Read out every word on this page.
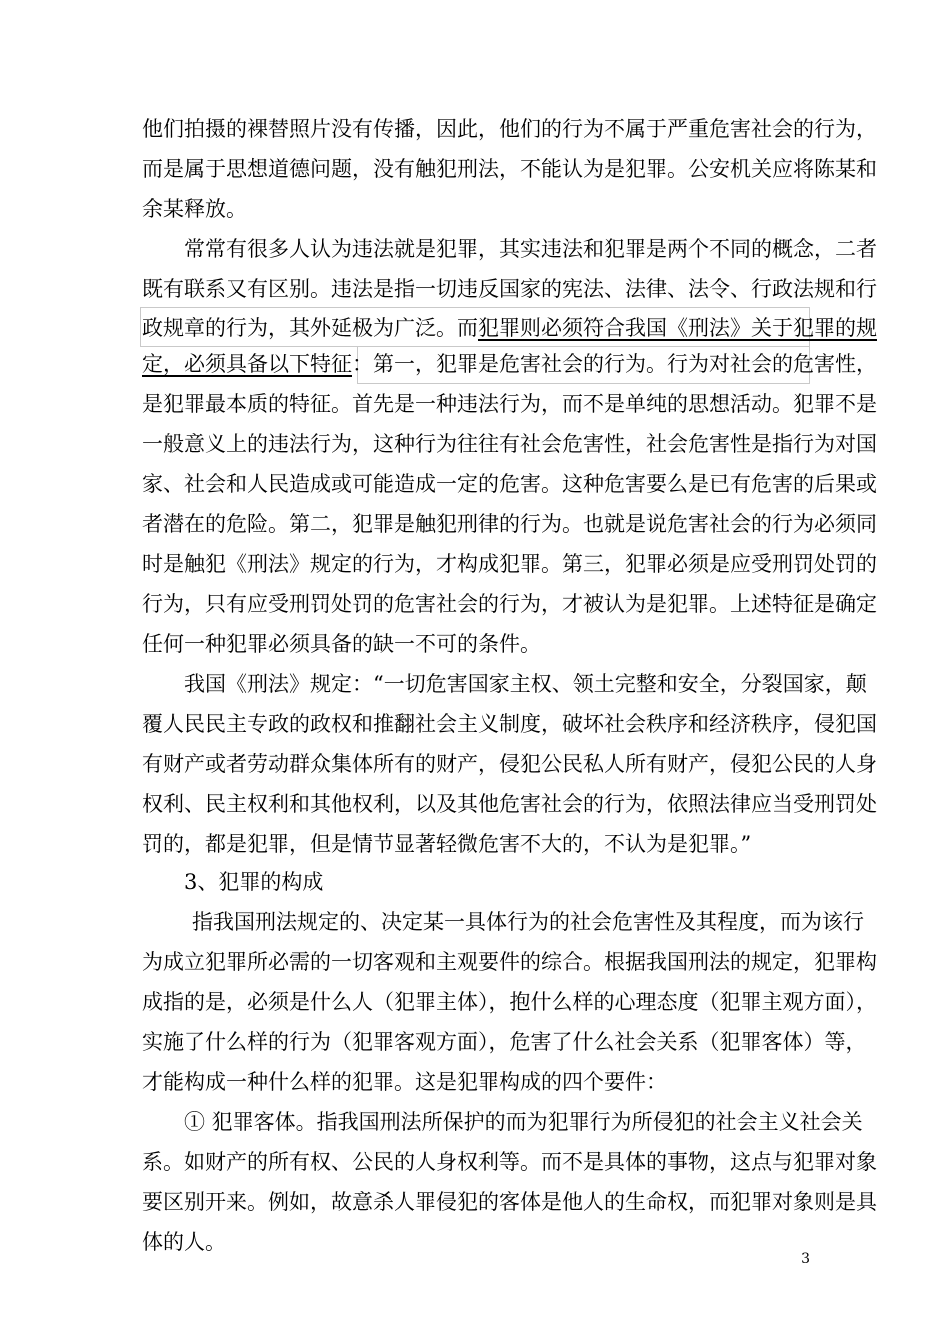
他们拍摄的裸替照片没有传播，因此，他们的行为不属于严重危害社会的行为，
而是属于思想道德问题，没有触犯刑法，不能认为是犯罪。公安机关应将陈某和
余某释放。
常常有很多人认为违法就是犯罪，其实违法和犯罪是两个不同的概念，二者
既有联系又有区别。违法是指一切违反国家的宪法、法律、法令、行政法规和行
政规章的行为，其外延极为广泛。而犯罪则必须符合我国《刑法》关于犯罪的规
定，必须具备以下特征：第一，犯罪是危害社会的行为。行为对社会的危害性，
是犯罪最本质的特征。首先是一种违法行为，而不是单纯的思想活动。犯罪不是
一般意义上的违法行为，这种行为往往有社会危害性，社会危害性是指行为对国
家、社会和人民造成或可能造成一定的危害。这种危害要么是已有危害的后果或
者潜在的危险。第二，犯罪是触犯刑律的行为。也就是说危害社会的行为必须同
时是触犯《刑法》规定的行为，才构成犯罪。第三，犯罪必须是应受刑罚处罚的
行为，只有应受刑罚处罚的危害社会的行为，才被认为是犯罪。上述特征是确定
任何一种犯罪必须具备的缺一不可的条件。
我国《刑法》规定：“一切危害国家主权、领土完整和安全，分裂国家，颠
覆人民民主专政的政权和推翻社会主义制度，破坏社会秩序和经济秩序，侵犯国
有财产或者劳动群众集体所有的财产，侵犯公民私人所有财产，侵犯公民的人身
权利、民主权利和其他权利，以及其他危害社会的行为，依照法律应当受刑罚处
罚的，都是犯罪，但是情节显著轻微危害不大的，不认为是犯罪。”
3、犯罪的构成
指我国刑法规定的、决定某一具体行为的社会危害性及其程度，而为该行
为成立犯罪所必需的一切客观和主观要件的综合。根据我国刑法的规定，犯罪构
成指的是，必须是什么人（犯罪主体），抱什么样的心理态度（犯罪主观方面），
实施了什么样的行为（犯罪客观方面），危害了什么社会关系（犯罪客体）等，
才能构成一种什么样的犯罪。这是犯罪构成的四个要件：
① 犯罪客体。指我国刑法所保护的而为犯罪行为所侵犯的社会主义社会关
系。如财产的所有权、公民的人身权利等。而不是具体的事物，这点与犯罪对象
要区别开来。例如，故意杀人罪侵犯的客体是他人的生命权，而犯罪对象则是具
体的人。
3
